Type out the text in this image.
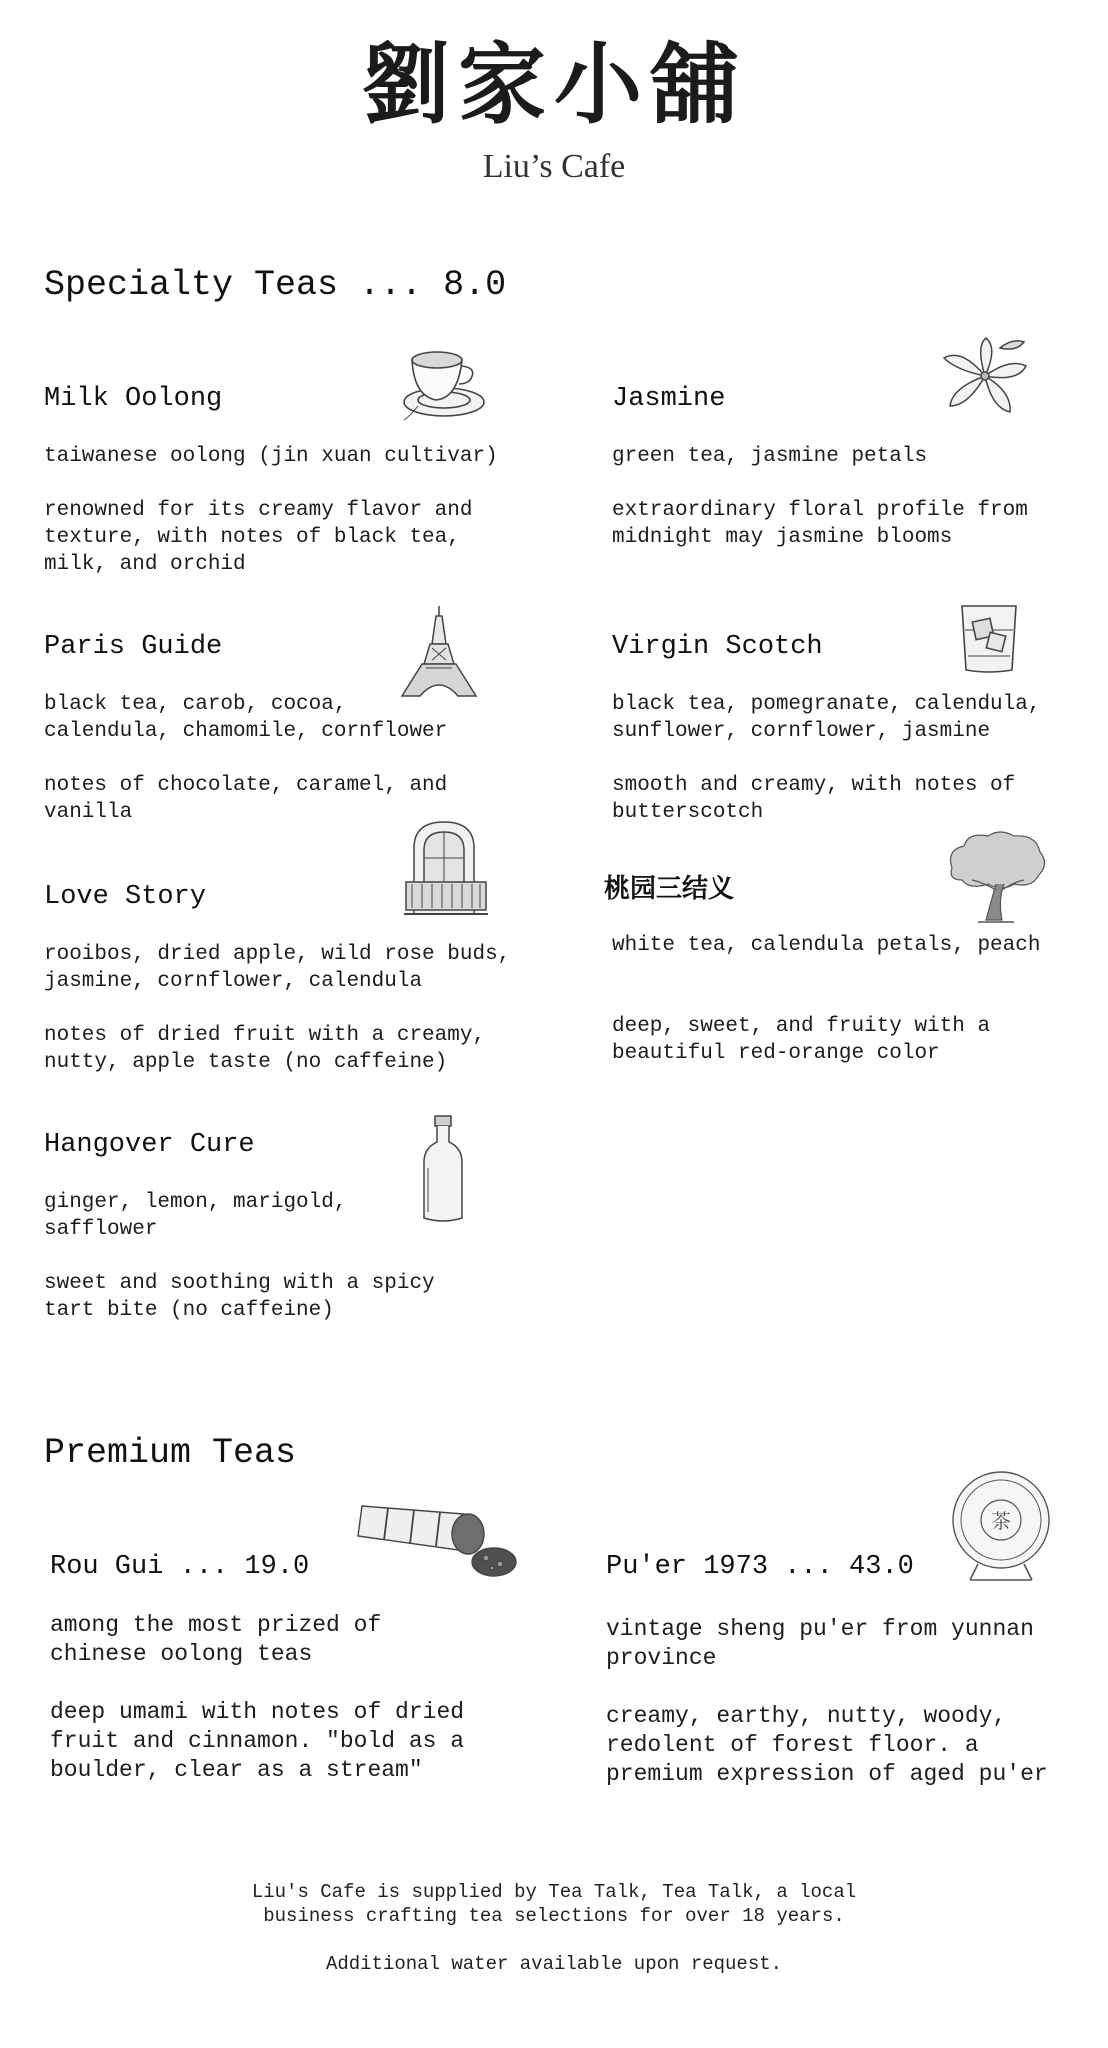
劉家小舖
Liu’s Cafe
Specialty Teas ... 8.0
Milk Oolong

taiwanese oolong (jin xuan cultivar)

renowned for its creamy flavor and
texture, with notes of black tea,
milk, and orchid

Jasmine

green tea, jasmine petals

extraordinary floral profile from
midnight may jasmine blooms

Paris Guide

black tea, carob, cocoa,
calendula, chamomile, cornflower

notes of chocolate, caramel, and
vanilla

Virgin Scotch

black tea, pomegranate, calendula,
sunflower, cornflower, jasmine

smooth and creamy, with notes of
butterscotch

Love Story

rooibos, dried apple, wild rose buds,
jasmine, cornflower, calendula

notes of dried fruit with a creamy,
nutty, apple taste (no caffeine)

桃园三结义

white tea, calendula petals, peach

deep, sweet, and fruity with a
beautiful red-orange color

Hangover Cure

ginger, lemon, marigold,
safflower

sweet and soothing with a spicy
tart bite (no caffeine)

Premium Teas
Rou Gui ... 19.0

among the most prized of
chinese oolong teas

deep umami with notes of dried
fruit and cinnamon. "bold as a
boulder, clear as a stream"

Pu'er 1973 ... 43.0

vintage sheng pu'er from yunnan
province

creamy, earthy, nutty, woody,
redolent of forest floor. a
premium expression of aged pu'er

茶

Liu's Cafe is supplied by Tea Talk, Tea Talk, a local
business crafting tea selections for over 18 years.

Additional water available upon request.
